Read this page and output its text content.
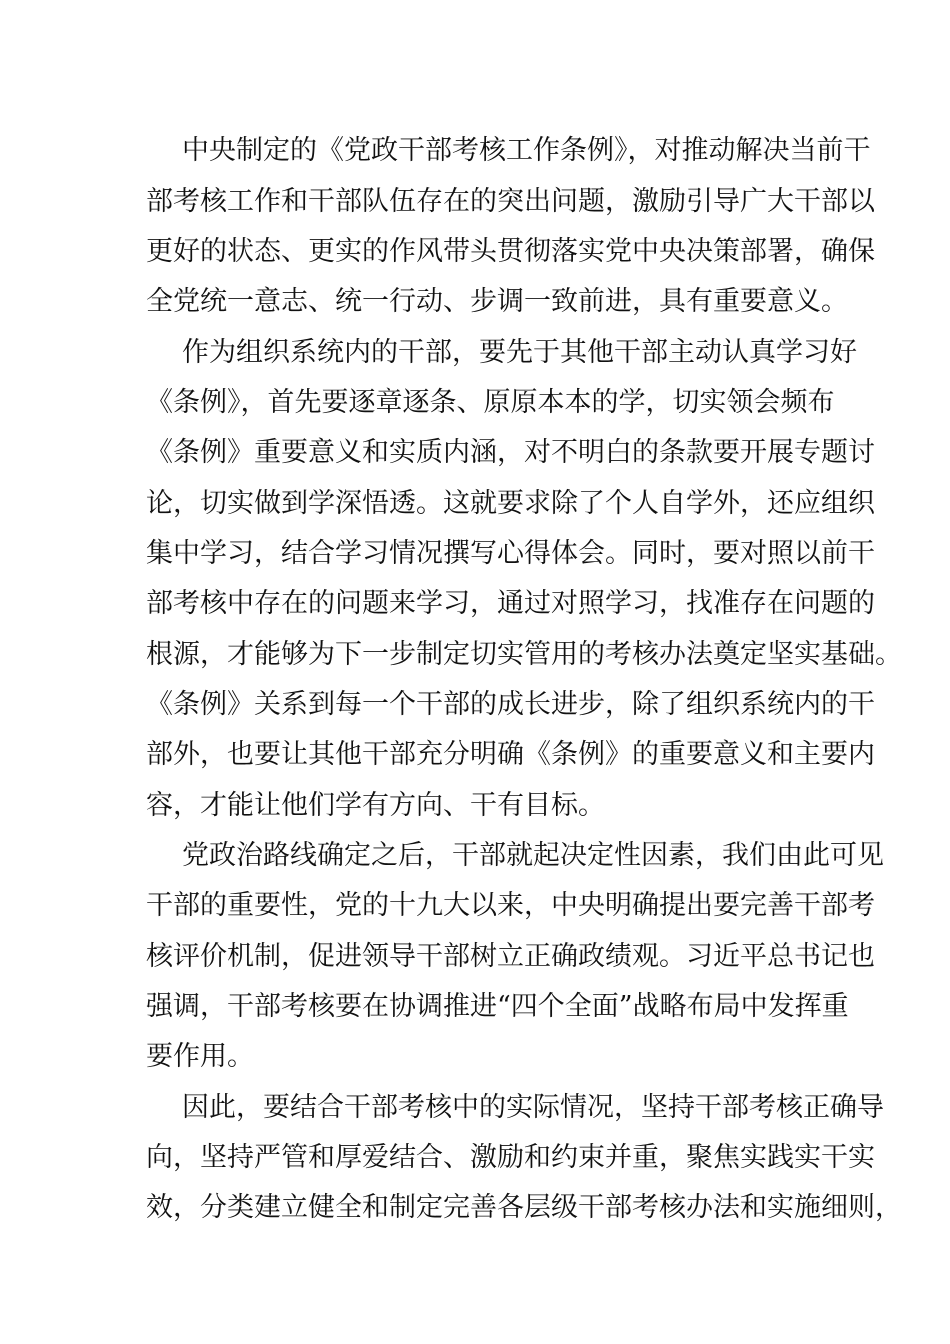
中央制定的《党政干部考核工作条例》，对推动解决当前干
部考核工作和干部队伍存在的突出问题，激励引导广大干部以
更好的状态、更实的作风带头贯彻落实党中央决策部署，确保
全党统一意志、统一行动、步调一致前进，具有重要意义。
作为组织系统内的干部，要先于其他干部主动认真学习好
《条例》，首先要逐章逐条、原原本本的学，切实领会频布
《条例》重要意义和实质内涵，对不明白的条款要开展专题讨
论，切实做到学深悟透。这就要求除了个人自学外，还应组织
集中学习，结合学习情况撰写心得体会。同时，要对照以前干
部考核中存在的问题来学习，通过对照学习，找准存在问题的
根源，才能够为下一步制定切实管用的考核办法奠定坚实基础。
《条例》关系到每一个干部的成长进步，除了组织系统内的干
部外，也要让其他干部充分明确《条例》的重要意义和主要内
容，才能让他们学有方向、干有目标。
党政治路线确定之后，干部就起决定性因素，我们由此可见
干部的重要性，党的十九大以来，中央明确提出要完善干部考
核评价机制，促进领导干部树立正确政绩观。习近平总书记也
强调，干部考核要在协调推进“四个全面”战略布局中发挥重
要作用。
因此，要结合干部考核中的实际情况，坚持干部考核正确导
向，坚持严管和厚爱结合、激励和约束并重，聚焦实践实干实
效，分类建立健全和制定完善各层级干部考核办法和实施细则，
